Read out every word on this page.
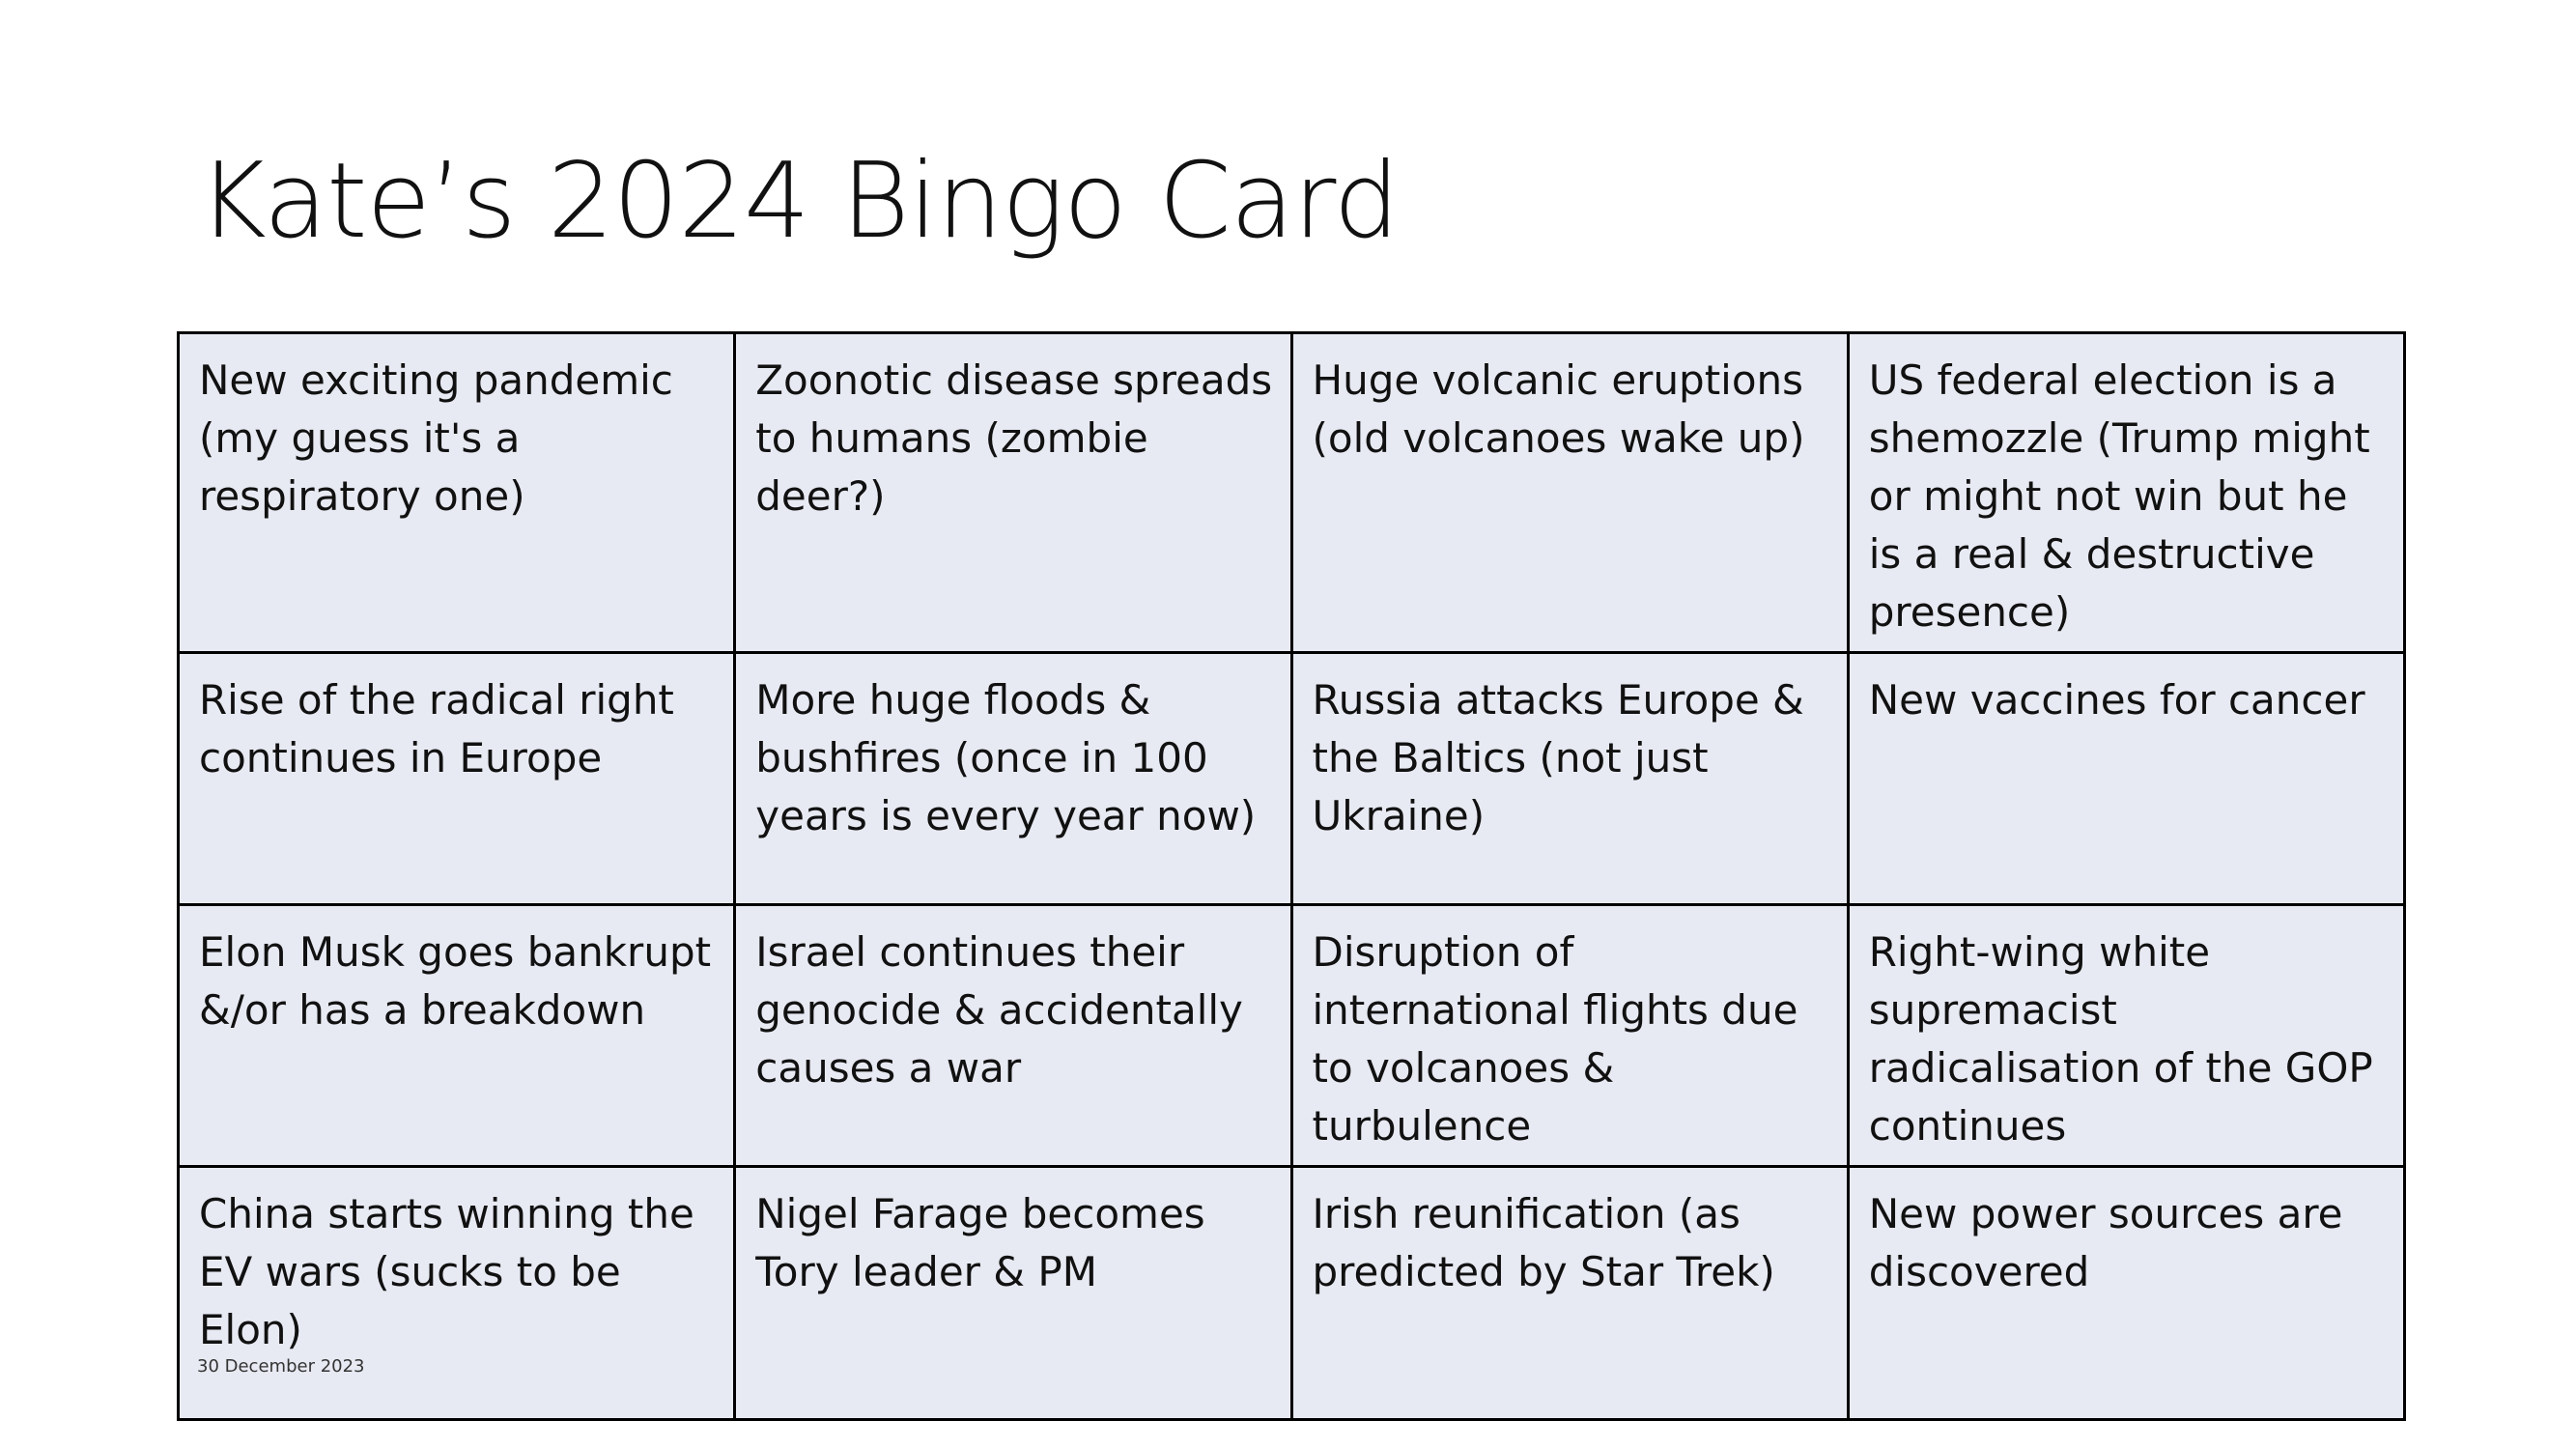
Kate’s 2024 Bingo Card
New exciting pandemic (my guess it's a respiratory one)	Zoonotic disease spreads to humans (zombie deer?)	Huge volcanic eruptions (old volcanoes wake up)	US federal election is a shemozzle (Trump might or might not win but he is a real & destructive presence)
Rise of the radical right continues in Europe	More huge floods & bushfires (once in 100 years is every year now)	Russia attacks Europe & the Baltics (not just Ukraine)	New vaccines for cancer
Elon Musk goes bankrupt &/or has a breakdown	Israel continues their genocide & accidentally causes a war	Disruption of international flights due to volcanoes & turbulence	Right-wing white supremacist radicalisation of the GOP continues
China starts winning the EV wars (sucks to be Elon)	Nigel Farage becomes Tory leader & PM	Irish reunification (as predicted by Star Trek)	New power sources are discovered
30 December 2023
